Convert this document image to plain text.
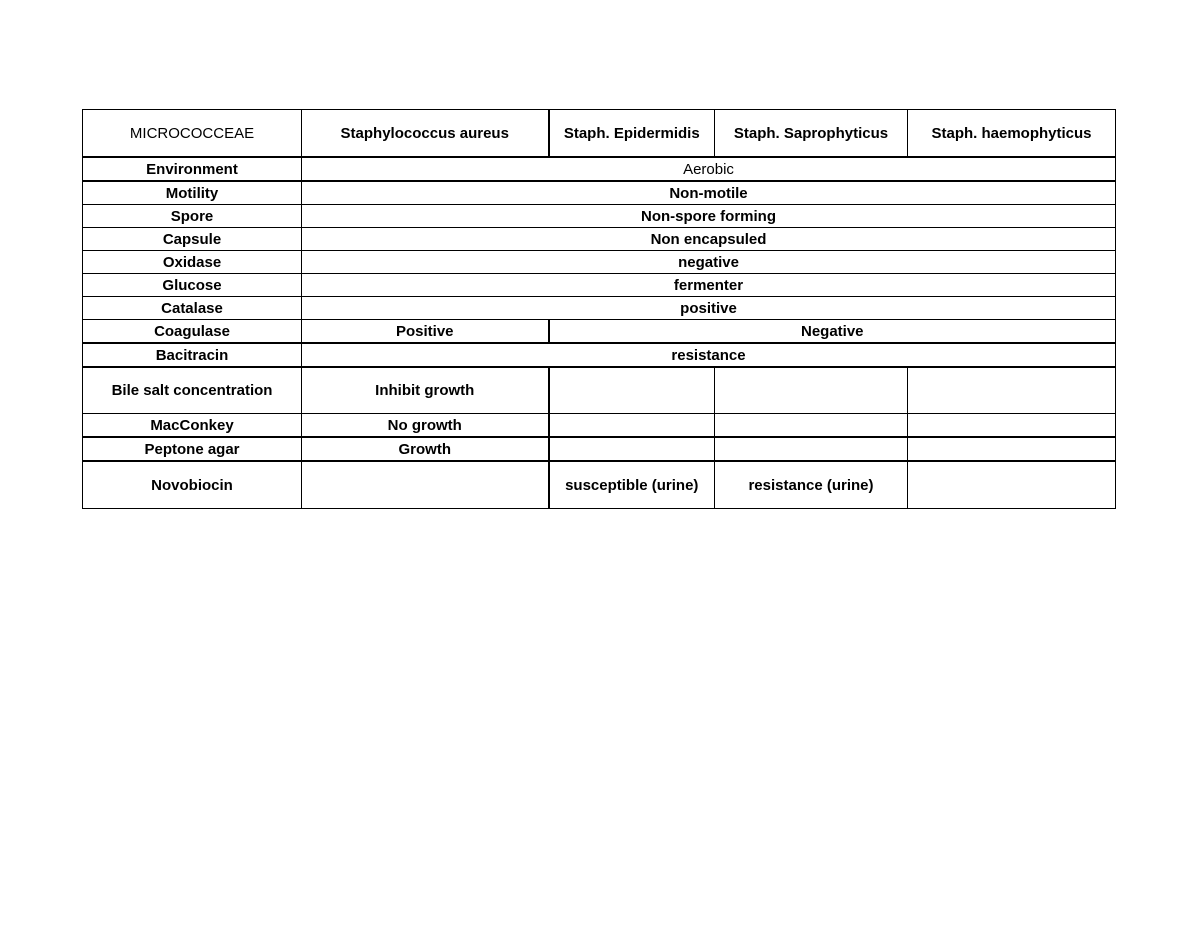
MICROCOCCEAE	Staphylococcus aureus	Staph. Epidermidis	Staph. Saprophyticus	Staph. haemophyticus
Environment	Aerobic			
Motility	Non-motile			
Spore	Non-spore forming			
Capsule	Non encapsuled			
Oxidase	negative			
Glucose	fermenter			
Catalase	positive			
Coagulase	Positive	Negative		
Bacitracin	resistance			
Bile salt concentration	Inhibit growth			
MacConkey	No growth			
Peptone agar	Growth			
Novobiocin		susceptible (urine)	resistance (urine)	
